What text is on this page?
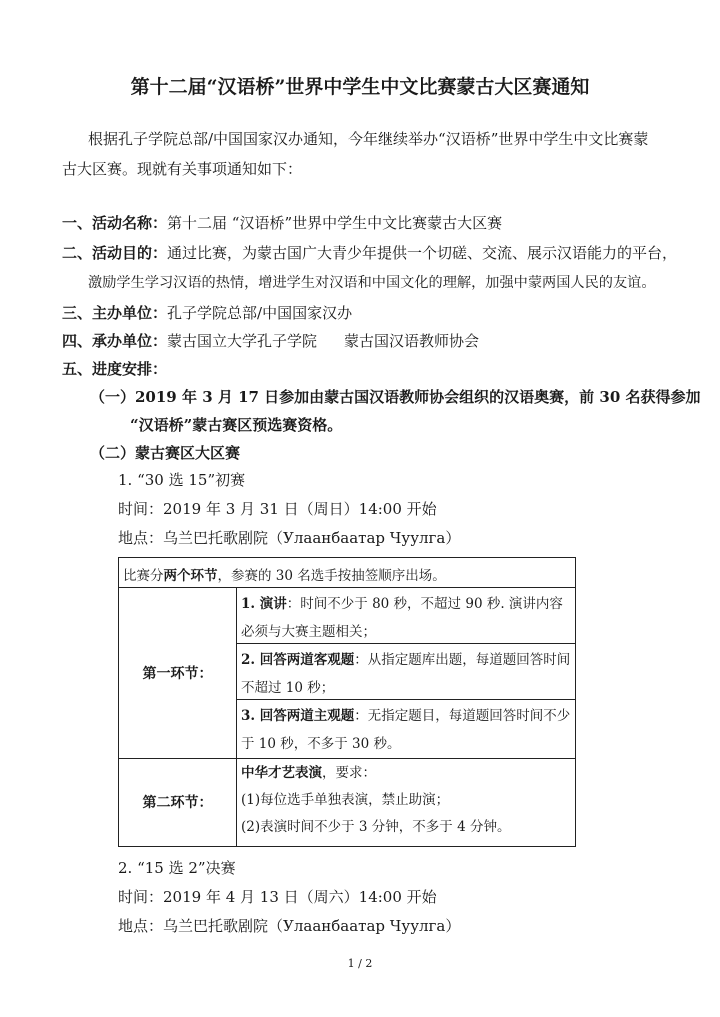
第十二届“汉语桥”世界中学生中文比赛蒙古大区赛通知
根据孔子学院总部/中国国家汉办通知，今年继续举办“汉语桥”世界中学生中文比赛蒙
古大区赛。现就有关事项通知如下：
一、活动名称：第十二届 “汉语桥”世界中学生中文比赛蒙古大区赛
二、活动目的：通过比赛，为蒙古国广大青少年提供一个切磋、交流、展示汉语能力的平台，
激励学生学习汉语的热情，增进学生对汉语和中国文化的理解，加强中蒙两国人民的友谊。
三、主办单位：孔子学院总部/中国国家汉办
四、承办单位：蒙古国立大学孔子学院 蒙古国汉语教师协会
五、进度安排：
（一）2019 年 3 月 17 日参加由蒙古国汉语教师协会组织的汉语奥赛，前 30 名获得参加
“汉语桥”蒙古赛区预选赛资格。
（二）蒙古赛区大区赛
1. “30 选 15”初赛
时间：2019 年 3 月 31 日（周日）14:00 开始
地点：乌兰巴托歌剧院（Улаанбаатар Чуулга）
比赛分两个环节，参赛的 30 名选手按抽签顺序出场。
第一环节：
1. 演讲：时间不少于 80 秒，不超过 90 秒. 演讲内容必须与大赛主题相关；
2. 回答两道客观题：从指定题库出题，每道题回答时间不超过 10 秒；
3. 回答两道主观题：无指定题目，每道题回答时间不少于 10 秒，不多于 30 秒。
第二环节：
中华才艺表演，要求：
(1)每位选手单独表演，禁止助演；
(2)表演时间不少于 3 分钟，不多于 4 分钟。
2. “15 选 2”决赛
时间：2019 年 4 月 13 日（周六）14:00 开始
地点：乌兰巴托歌剧院（Улаанбаатар Чуулга）
1 / 2
